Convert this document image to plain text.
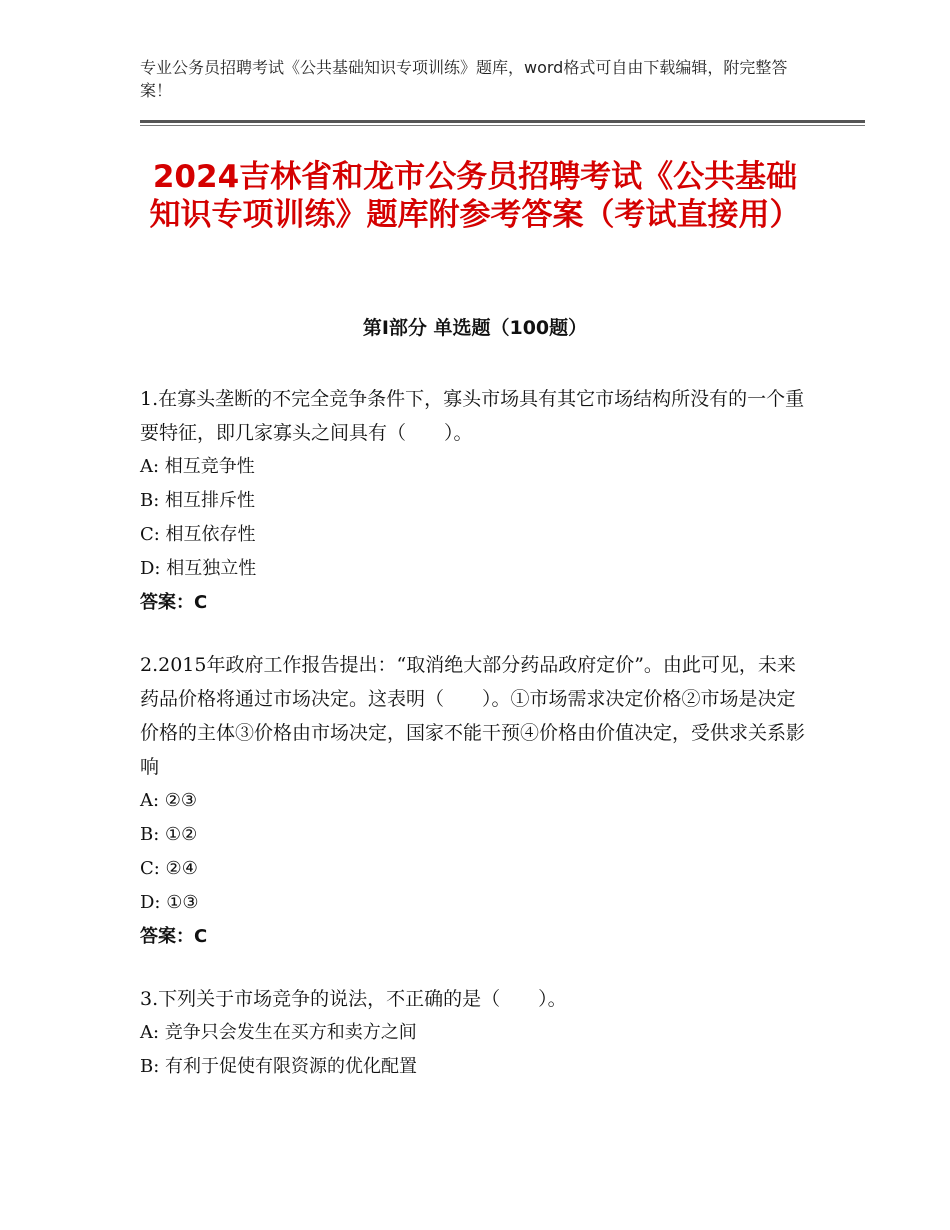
专业公务员招聘考试《公共基础知识专项训练》题库，word格式可自由下载编辑，附完整答案！
2024吉林省和龙市公务员招聘考试《公共基础知识专项训练》题库附参考答案（考试直接用）
第I部分 单选题（100题）

1.在寡头垄断的不完全竞争条件下，寡头市场具有其它市场结构所没有的一个重要特征，即几家寡头之间具有（　　）。

A: 相互竞争性

B: 相互排斥性

C: 相互依存性

D: 相互独立性

答案：C

2.2015年政府工作报告提出：“取消绝大部分药品政府定价”。由此可见，未来药品价格将通过市场决定。这表明（　　）。①市场需求决定价格②市场是决定价格的主体③价格由市场决定，国家不能干预④价格由价值决定，受供求关系影响

A: ②③

B: ①②

C: ②④

D: ①③

答案：C

3.下列关于市场竞争的说法，不正确的是（　　）。

A: 竞争只会发生在买方和卖方之间

B: 有利于促使有限资源的优化配置
